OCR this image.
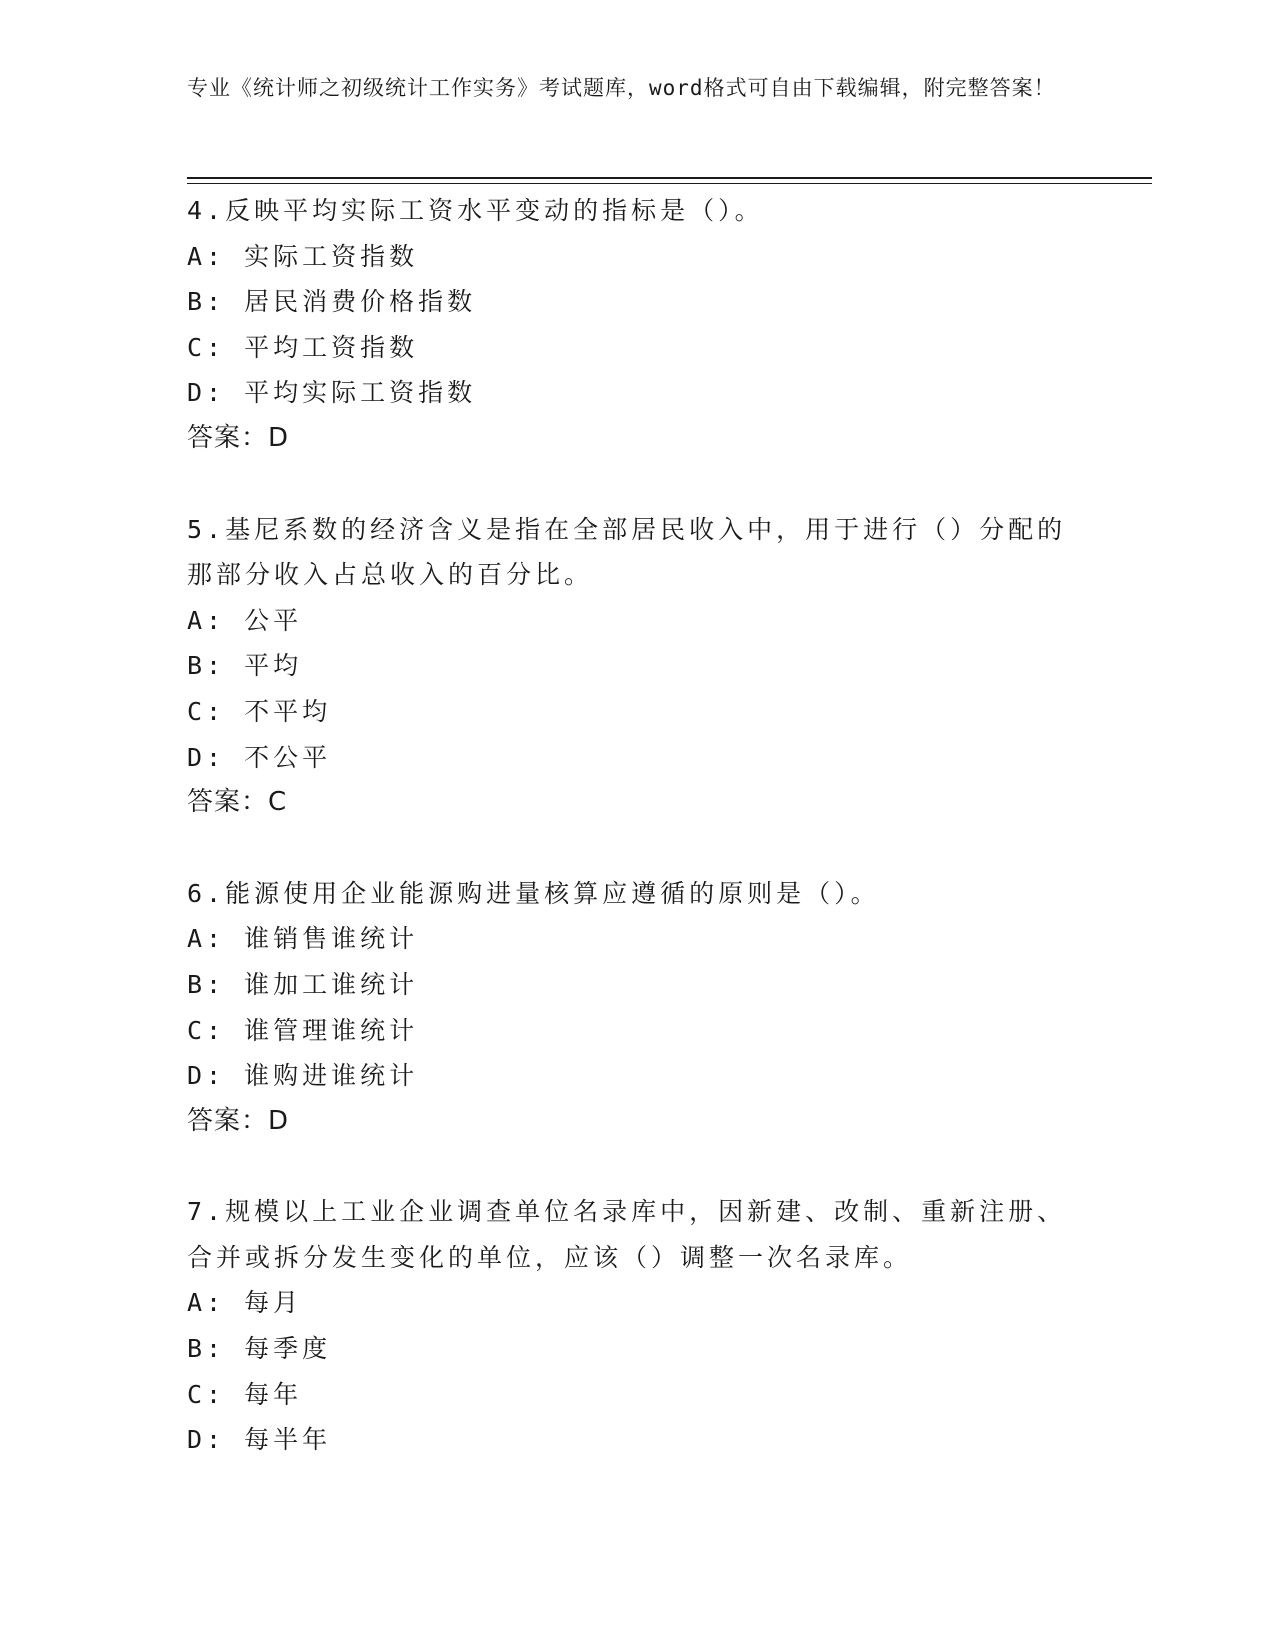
专业《统计师之初级统计工作实务》考试题库，word格式可自由下载编辑，附完整答案！

4.反映平均实际工资水平变动的指标是（）。
A: 实际工资指数
B: 居民消费价格指数
C: 平均工资指数
D: 平均实际工资指数
答案：D
5.基尼系数的经济含义是指在全部居民收入中，用于进行（）分配的那部分收入占总收入的百分比。
A: 公平
B: 平均
C: 不平均
D: 不公平
答案：C
6.能源使用企业能源购进量核算应遵循的原则是（）。
A: 谁销售谁统计
B: 谁加工谁统计
C: 谁管理谁统计
D: 谁购进谁统计
答案：D
7.规模以上工业企业调查单位名录库中，因新建、改制、重新注册、合并或拆分发生变化的单位，应该（）调整一次名录库。
A: 每月
B: 每季度
C: 每年
D: 每半年
